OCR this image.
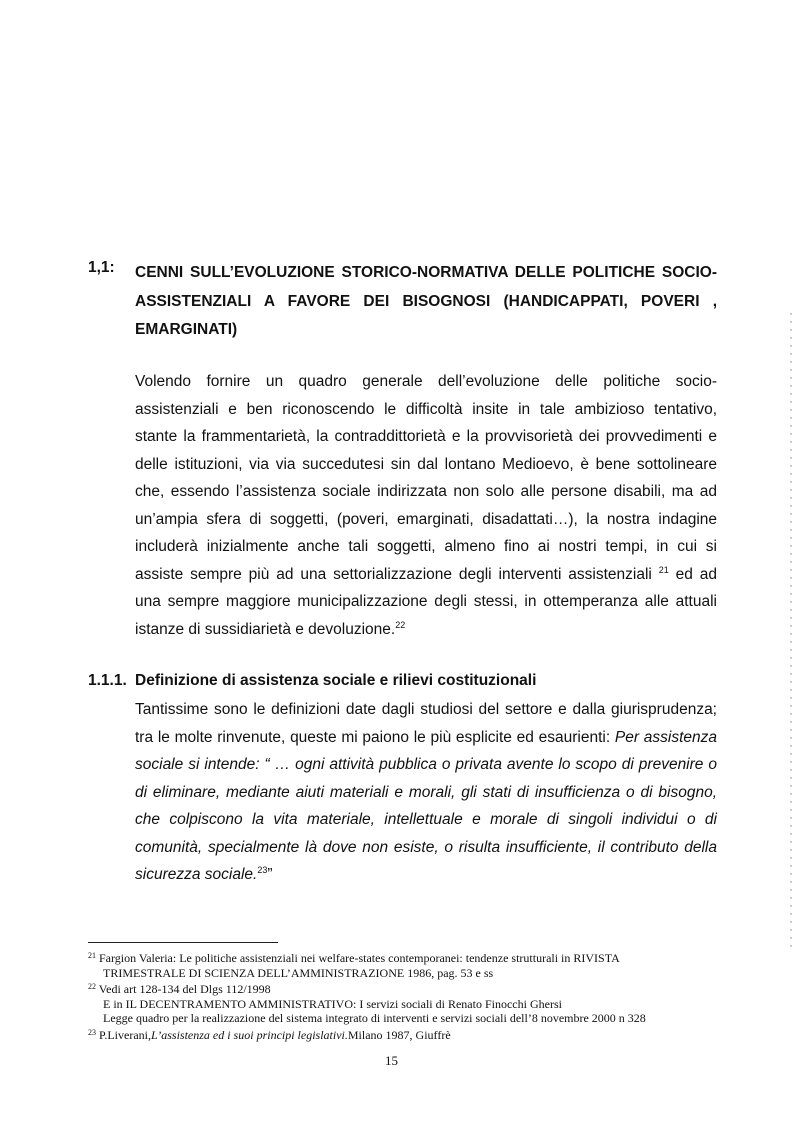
1,1: CENNI SULL’EVOLUZIONE STORICO-NORMATIVA DELLE POLITICHE SOCIO-ASSISTENZIALI A FAVORE DEI BISOGNOSI (HANDICAPPATI, POVERI , EMARGINATI)
Volendo fornire un quadro generale dell’evoluzione delle politiche socio-
assistenziali e ben riconoscendo le difficoltà insite in tale ambizioso tentativo,
stante la frammentarietà, la contraddittorietà e la provvisorietà dei provvedimenti e
delle istituzioni, via via succedutesi sin dal lontano Medioevo, è bene sottolineare
che, essendo l’assistenza sociale indirizzata non solo alle persone disabili, ma ad
un’ampia sfera di soggetti, (poveri, emarginati, disadattati…), la nostra indagine
includerà inizialmente anche tali soggetti, almeno fino ai nostri tempi, in cui si
assiste sempre più ad una settorializzazione degli interventi assistenziali $^{21}$ ed ad
una sempre maggiore municipalizzazione degli stessi, in ottemperanza alle attuali
istanze di sussidiarietà e devoluzione.$^{22}$
1.1.1. Definizione di assistenza sociale e rilievi costituzionali
Tantissime sono le definizioni date dagli studiosi del settore e dalla giurisprudenza; tra le molte rinvenute, queste mi paiono le più esplicite ed esaurienti: Per assistenza sociale si intende: “ … ogni attività pubblica o privata avente lo scopo di prevenire o di eliminare, mediante aiuti materiali e morali, gli stati di insufficienza o di bisogno, che colpiscono la vita materiale, intellettuale e morale di singoli individui o di comunità, specialmente là dove non esiste, o risulta insufficiente, il contributo della sicurezza sociale.$^{23}$”
$^{21}$ Fargion Valeria: Le politiche assistenziali nei welfare-states contemporanei: tendenze strutturali in RIVISTA
TRIMESTRALE DI SCIENZA DELL’AMMINISTRAZIONE 1986, pag. 53 e ss
$^{22}$ Vedi art 128-134 del Dlgs 112/1998
E in IL DECENTRAMENTO AMMINISTRATIVO: I servizi sociali di Renato Finocchi Ghersi
Legge quadro per la realizzazione del sistema integrato di interventi e servizi sociali dell’8 novembre 2000 n 328
$^{23}$ P.Liverani,L’assistenza ed i suoi principi legislativi.Milano 1987, Giuffrè
15
